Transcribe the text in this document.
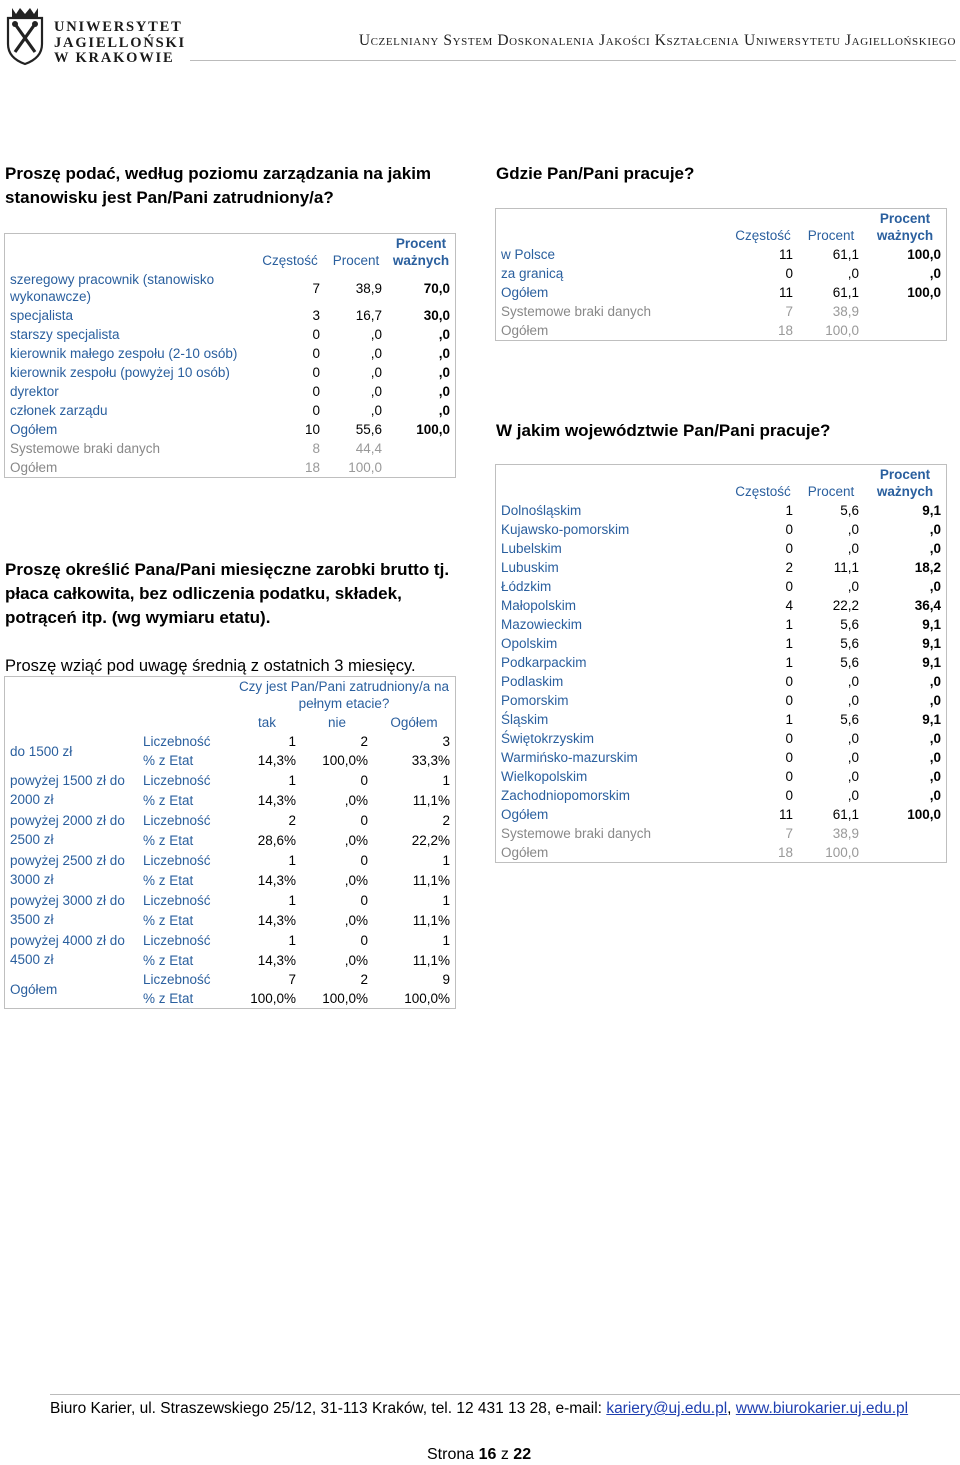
UNIWERSYTET
JAGIELLOŃSKI
W KRAKOWIE
Uczelniany System Doskonalenia Jakości Kształcenia Uniwersytetu Jagiellońskiego
Proszę podać, według poziomu zarządzania na jakim stanowisku jest Pan/Pani zatrudniony/a?
	Częstość	Procent	Procent ważnych
szeregowy pracownik (stanowisko wykonawcze)	7	38,9	70,0
specjalista	3	16,7	30,0
starszy specjalista	0	,0	,0
kierownik małego zespołu (2-10 osób)	0	,0	,0
kierownik zespołu (powyżej 10 osób)	0	,0	,0
dyrektor	0	,0	,0
członek zarządu	0	,0	,0
Ogółem	10	55,6	100,0
Systemowe braki danych	8	44,4	
Ogółem	18	100,0	
Proszę określić Pana/Pani miesięczne zarobki brutto tj. płaca całkowita, bez odliczenia podatku, składek, potrąceń itp. (wg wymiaru etatu).
Proszę wziąć pod uwagę średnią z ostatnich 3 miesięcy.
		Czy jest Pan/Pani zatrudniony/a na pełnym etacie?		
		tak	nie	Ogółem
do 1500 zł	Liczebność	1	2	3
	% z Etat	14,3%	100,0%	33,3%
powyżej 1500 zł do 2000 zł	Liczebność	1	0	1
	% z Etat	14,3%	,0%	11,1%
powyżej 2000 zł do 2500 zł	Liczebność	2	0	2
	% z Etat	28,6%	,0%	22,2%
powyżej 2500 zł do 3000 zł	Liczebność	1	0	1
	% z Etat	14,3%	,0%	11,1%
powyżej 3000 zł do 3500 zł	Liczebność	1	0	1
	% z Etat	14,3%	,0%	11,1%
powyżej 4000 zł do 4500 zł	Liczebność	1	0	1
	% z Etat	14,3%	,0%	11,1%
Ogółem	Liczebność	7	2	9
	% z Etat	100,0%	100,0%	100,0%
Gdzie Pan/Pani pracuje?
	Częstość	Procent	Procent ważnych
w Polsce	11	61,1	100,0
za granicą	0	,0	,0
Ogółem	11	61,1	100,0
Systemowe braki danych	7	38,9	
Ogółem	18	100,0	
W jakim województwie Pan/Pani pracuje?
	Częstość	Procent	Procent ważnych
Dolnośląskim	1	5,6	9,1
Kujawsko-pomorskim	0	,0	,0
Lubelskim	0	,0	,0
Lubuskim	2	11,1	18,2
Łódzkim	0	,0	,0
Małopolskim	4	22,2	36,4
Mazowieckim	1	5,6	9,1
Opolskim	1	5,6	9,1
Podkarpackim	1	5,6	9,1
Podlaskim	0	,0	,0
Pomorskim	0	,0	,0
Śląskim	1	5,6	9,1
Świętokrzyskim	0	,0	,0
Warmińsko-mazurskim	0	,0	,0
Wielkopolskim	0	,0	,0
Zachodniopomorskim	0	,0	,0
Ogółem	11	61,1	100,0
Systemowe braki danych	7	38,9	
Ogółem	18	100,0	
Biuro Karier, ul. Straszewskiego 25/12, 31-113 Kraków, tel. 12 431 13 28, e-mail: kariery@uj.edu.pl, www.biurokarier.uj.edu.pl
Strona 16 z 22
